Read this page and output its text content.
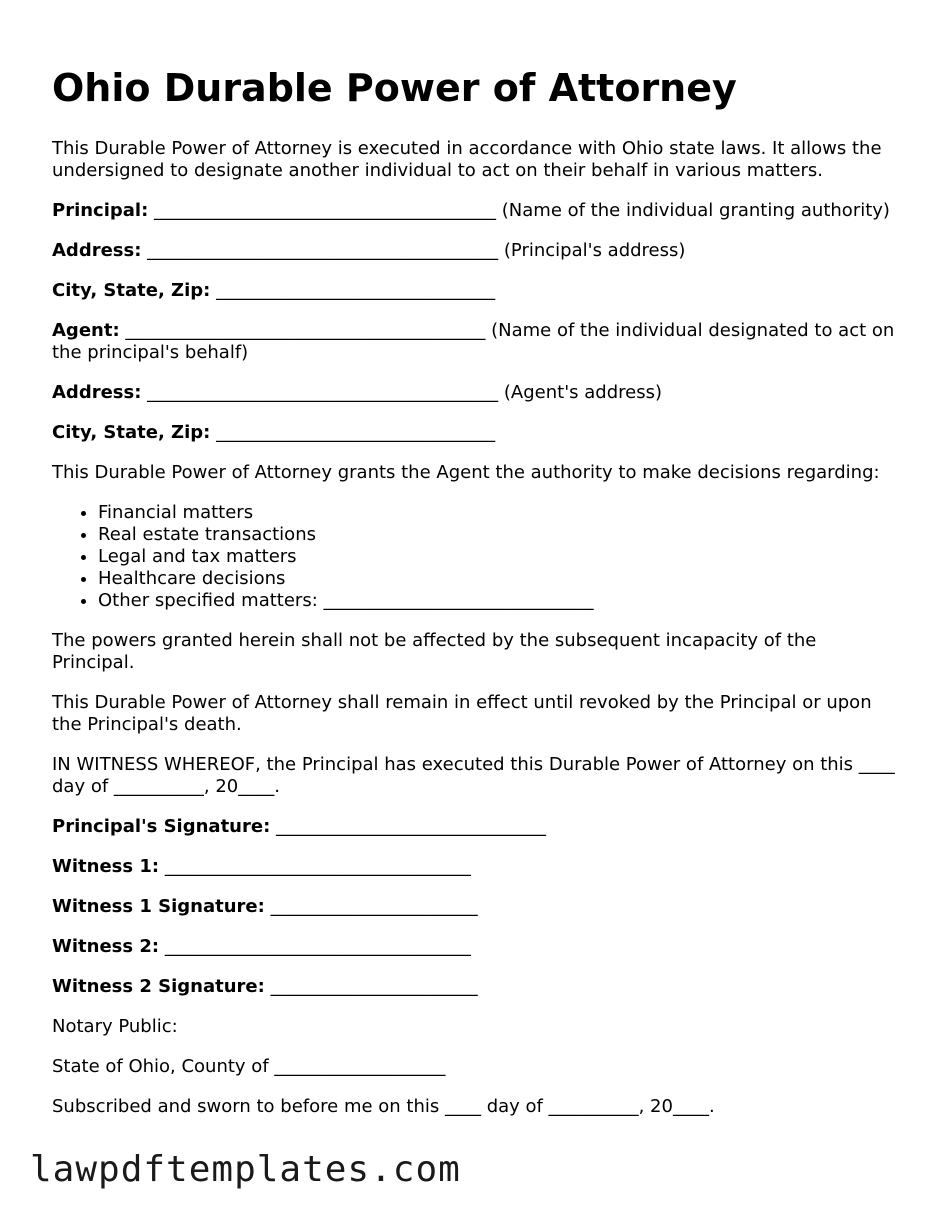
Ohio Durable Power of Attorney

This Durable Power of Attorney is executed in accordance with Ohio state laws. It allows the undersigned to designate another individual to act on their behalf in various matters.

Principal: ______________________________________ (Name of the individual granting authority)

Address: _______________________________________ (Principal's address)

City, State, Zip: _______________________________

Agent: ________________________________________ (Name of the individual designated to act on the principal's behalf)

Address: _______________________________________ (Agent's address)

City, State, Zip: _______________________________

This Durable Power of Attorney grants the Agent the authority to make decisions regarding:

• Financial matters
• Real estate transactions
• Legal and tax matters
• Healthcare decisions
• Other specified matters: ______________________________

The powers granted herein shall not be affected by the subsequent incapacity of the Principal.

This Durable Power of Attorney shall remain in effect until revoked by the Principal or upon the Principal's death.

IN WITNESS WHEREOF, the Principal has executed this Durable Power of Attorney on this ____ day of __________, 20____.

Principal's Signature: ______________________________

Witness 1: __________________________________

Witness 1 Signature: _______________________

Witness 2: __________________________________

Witness 2 Signature: _______________________

Notary Public:

State of Ohio, County of ___________________

Subscribed and sworn to before me on this ____ day of __________, 20____.

lawpdftemplates.com
